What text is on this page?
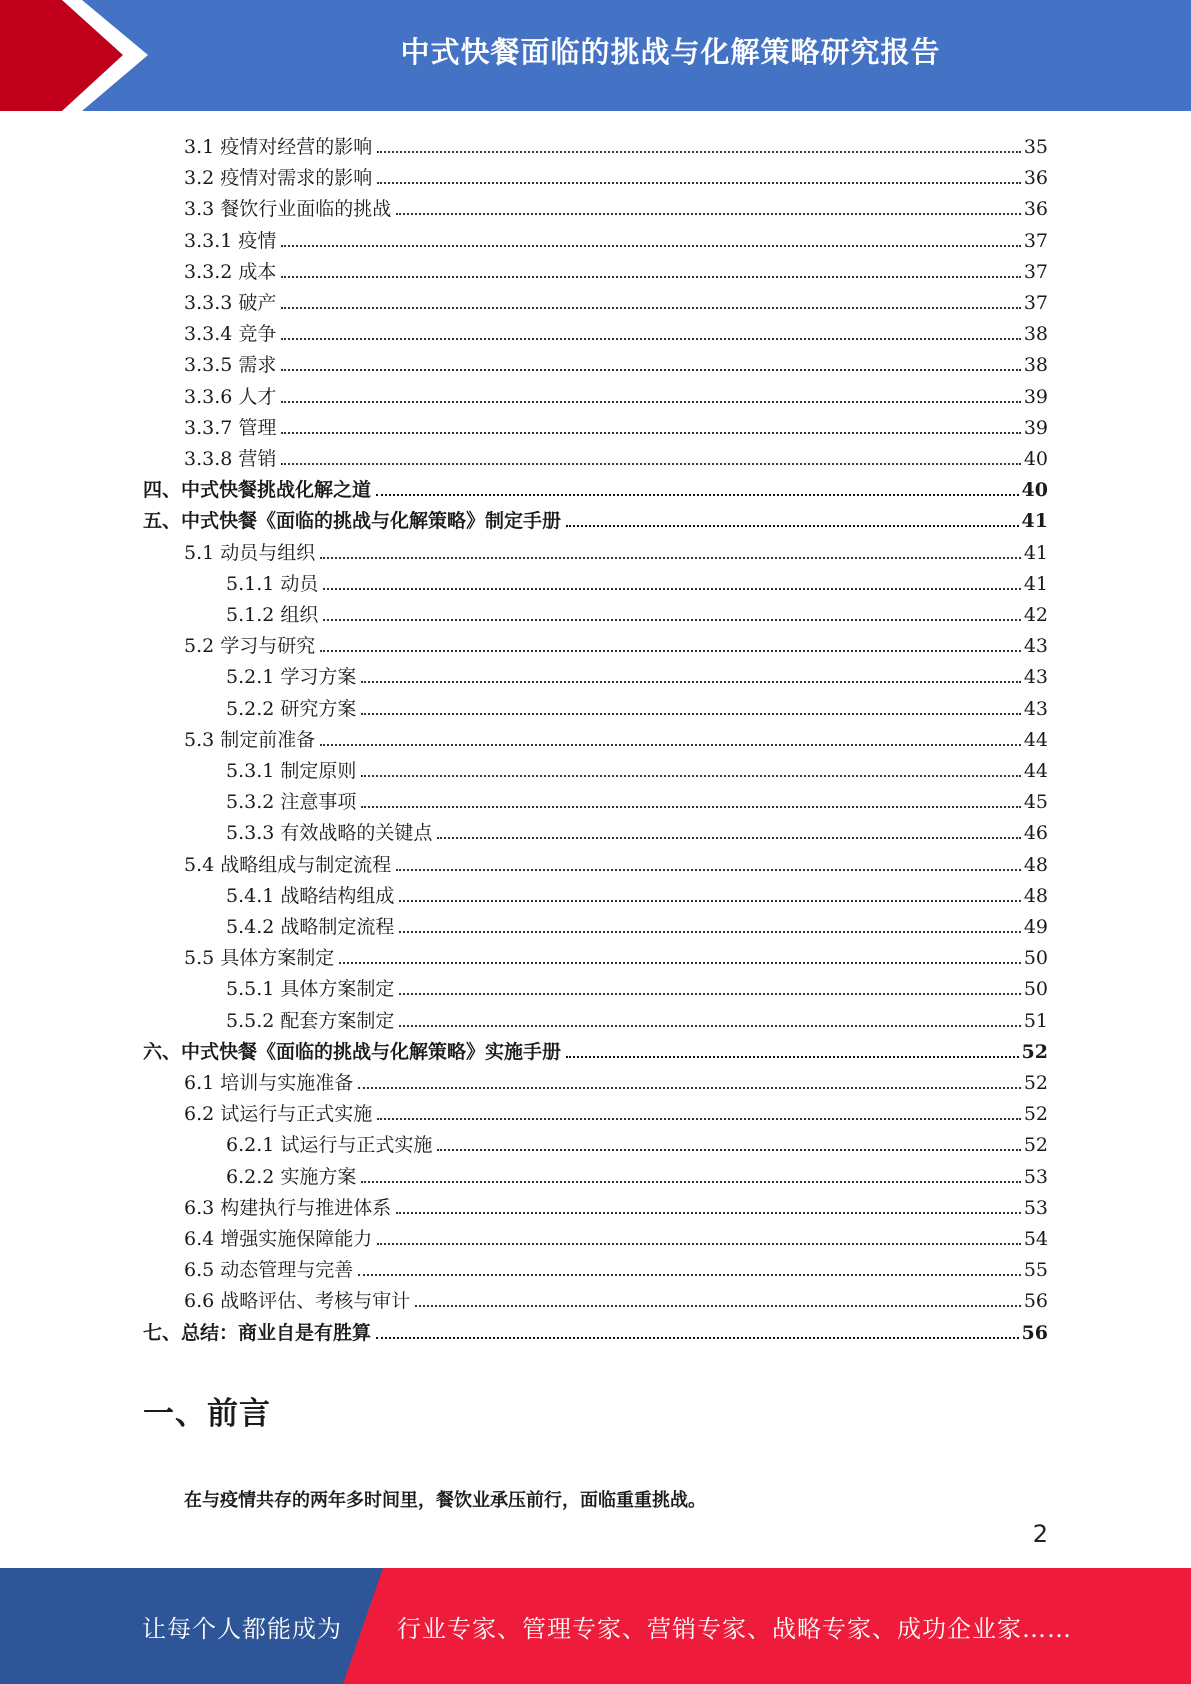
中式快餐面临的挑战与化解策略研究报告
3.1 疫情对经营的影响	35
3.2 疫情对需求的影响	36
3.3 餐饮行业面临的挑战	36
3.3.1 疫情	37
3.3.2 成本	37
3.3.3 破产	37
3.3.4 竞争	38
3.3.5 需求	38
3.3.6 人才	39
3.3.7 管理	39
3.3.8 营销	40
四、中式快餐挑战化解之道	40
五、中式快餐《面临的挑战与化解策略》制定手册	41
5.1 动员与组织	41
5.1.1 动员	41
5.1.2 组织	42
5.2 学习与研究	43
5.2.1 学习方案	43
5.2.2 研究方案	43
5.3 制定前准备	44
5.3.1 制定原则	44
5.3.2 注意事项	45
5.3.3 有效战略的关键点	46
5.4 战略组成与制定流程	48
5.4.1 战略结构组成	48
5.4.2 战略制定流程	49
5.5 具体方案制定	50
5.5.1 具体方案制定	50
5.5.2 配套方案制定	51
六、中式快餐《面临的挑战与化解策略》实施手册	52
6.1 培训与实施准备	52
6.2 试运行与正式实施	52
6.2.1 试运行与正式实施	52
6.2.2 实施方案	53
6.3 构建执行与推进体系	53
6.4 增强实施保障能力	54
6.5 动态管理与完善	55
6.6 战略评估、考核与审计	56
七、总结：商业自是有胜算	56
一、前言

在与疫情共存的两年多时间里，餐饮业承压前行，面临重重挑战。

2
让每个人都能成为 行业专家、管理专家、营销专家、战略专家、成功企业家……
